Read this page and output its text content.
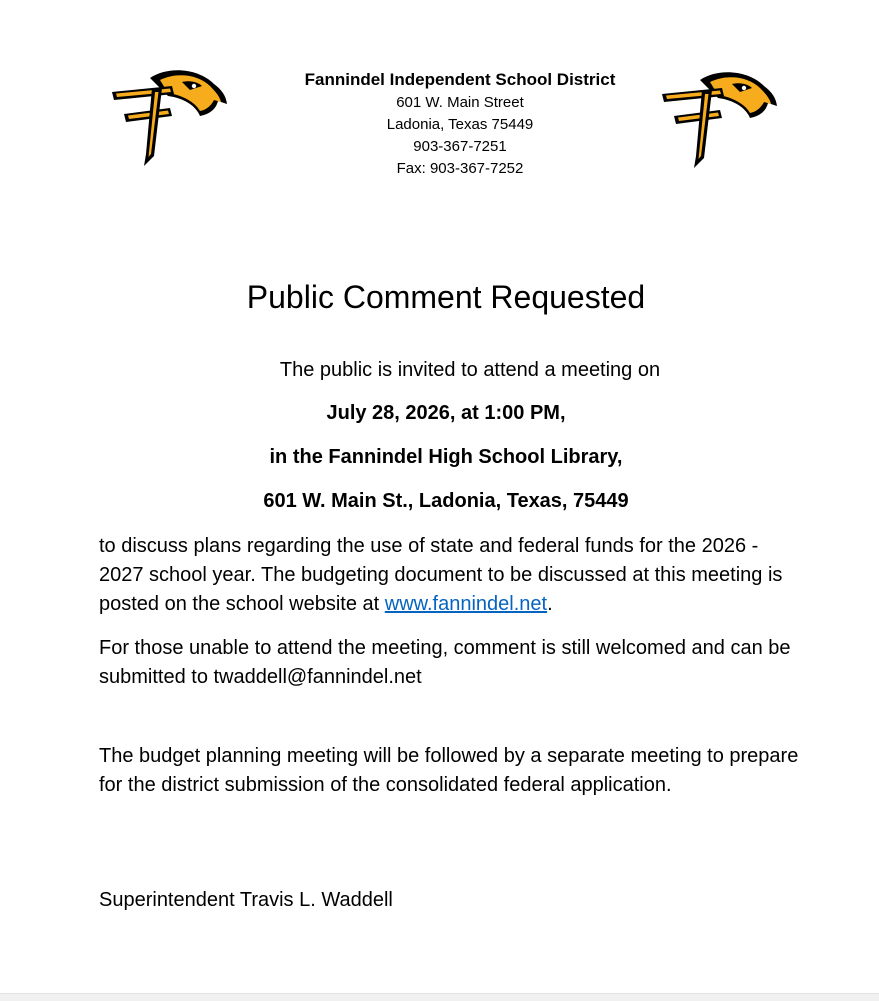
Fannindel Independent School District
601 W. Main Street
Ladonia, Texas 75449
903-367-7251
Fax: 903-367-7252
Public Comment Requested
The public is invited to attend a meeting on
July 28, 2026, at 1:00 PM,
in the Fannindel High School Library,
601 W. Main St., Ladonia, Texas, 75449

to discuss plans regarding the use of state and federal funds for the 2026 - 2027 school year. The budgeting document to be discussed at this meeting is posted on the school website at www.fannindel.net.

For those unable to attend the meeting, comment is still welcomed and can be submitted to twaddell@fannindel.net

The budget planning meeting will be followed by a separate meeting to prepare for the district submission of the consolidated federal application.

Superintendent Travis L. Waddell
